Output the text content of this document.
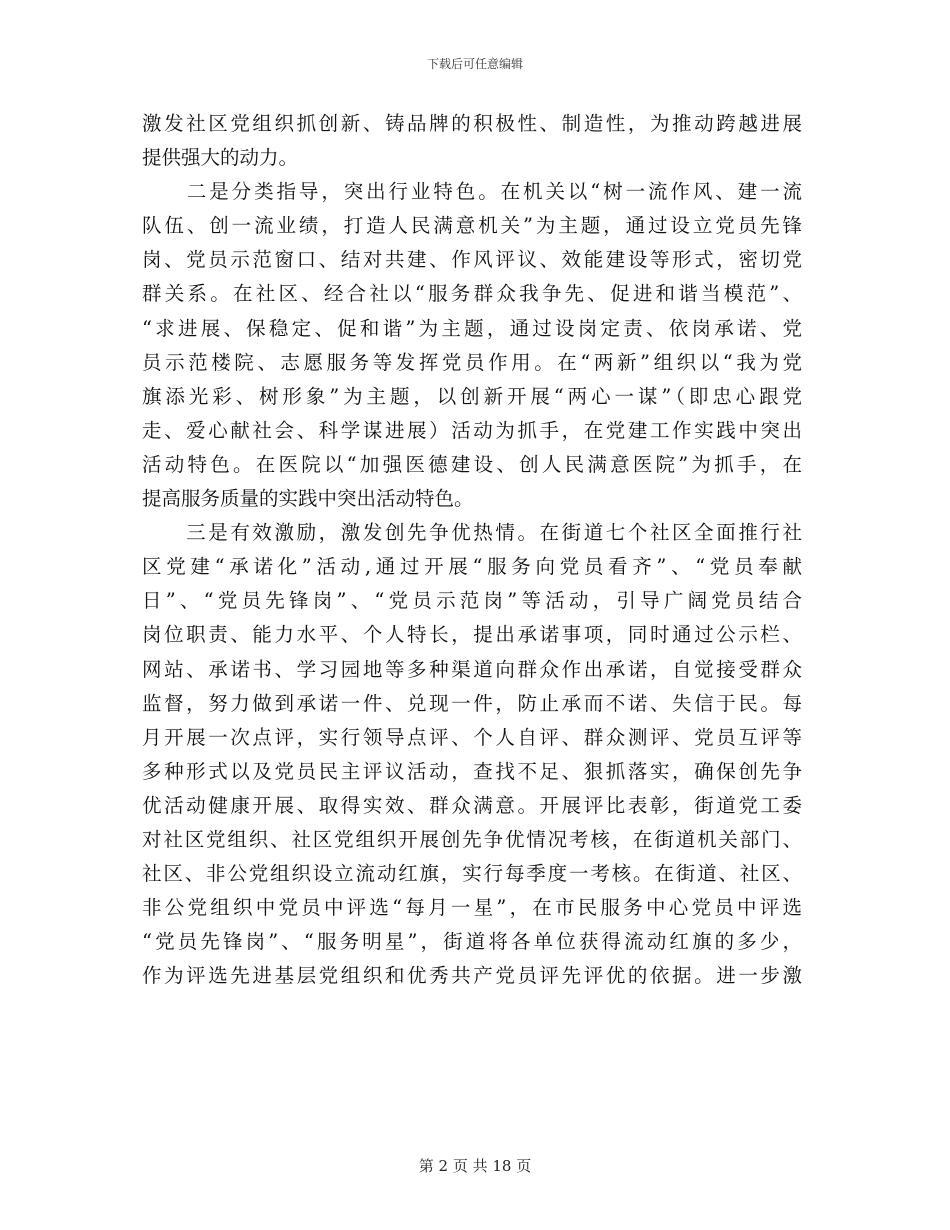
下载后可任意编辑
激发社区党组织抓创新、铸品牌的积极性、制造性，为推动跨越进展
提供强大的动力。
　　二是分类指导，突出行业特色。在机关以“树一流作风、建一流
队伍、创一流业绩，打造人民满意机关”为主题，通过设立党员先锋
岗、党员示范窗口、结对共建、作风评议、效能建设等形式，密切党
群关系。在社区、经合社以“服务群众我争先、促进和谐当模范”、
“求进展、保稳定、促和谐”为主题，通过设岗定责、依岗承诺、党
员示范楼院、志愿服务等发挥党员作用。在“两新”组织以“我为党
旗添光彩、树形象”为主题，以创新开展“两心一谋”（即忠心跟党
走、爱心献社会、科学谋进展）活动为抓手，在党建工作实践中突出
活动特色。在医院以“加强医德建设、创人民满意医院”为抓手，在
提高服务质量的实践中突出活动特色。
　　三是有效激励，激发创先争优热情。在街道七个社区全面推行社
区党建“承诺化”活动,通过开展“服务向党员看齐”、“党员奉献
日”、“党员先锋岗”、“党员示范岗”等活动，引导广阔党员结合
岗位职责、能力水平、个人特长，提出承诺事项，同时通过公示栏、
网站、承诺书、学习园地等多种渠道向群众作出承诺，自觉接受群众
监督，努力做到承诺一件、兑现一件，防止承而不诺、失信于民。每
月开展一次点评，实行领导点评、个人自评、群众测评、党员互评等
多种形式以及党员民主评议活动，查找不足、狠抓落实，确保创先争
优活动健康开展、取得实效、群众满意。开展评比表彰，街道党工委
对社区党组织、社区党组织开展创先争优情况考核，在街道机关部门、
社区、非公党组织设立流动红旗，实行每季度一考核。在街道、社区、
非公党组织中党员中评选“每月一星”，在市民服务中心党员中评选
“党员先锋岗”、“服务明星”，街道将各单位获得流动红旗的多少，
作为评选先进基层党组织和优秀共产党员评先评优的依据。进一步激
第 2 页 共 18 页
